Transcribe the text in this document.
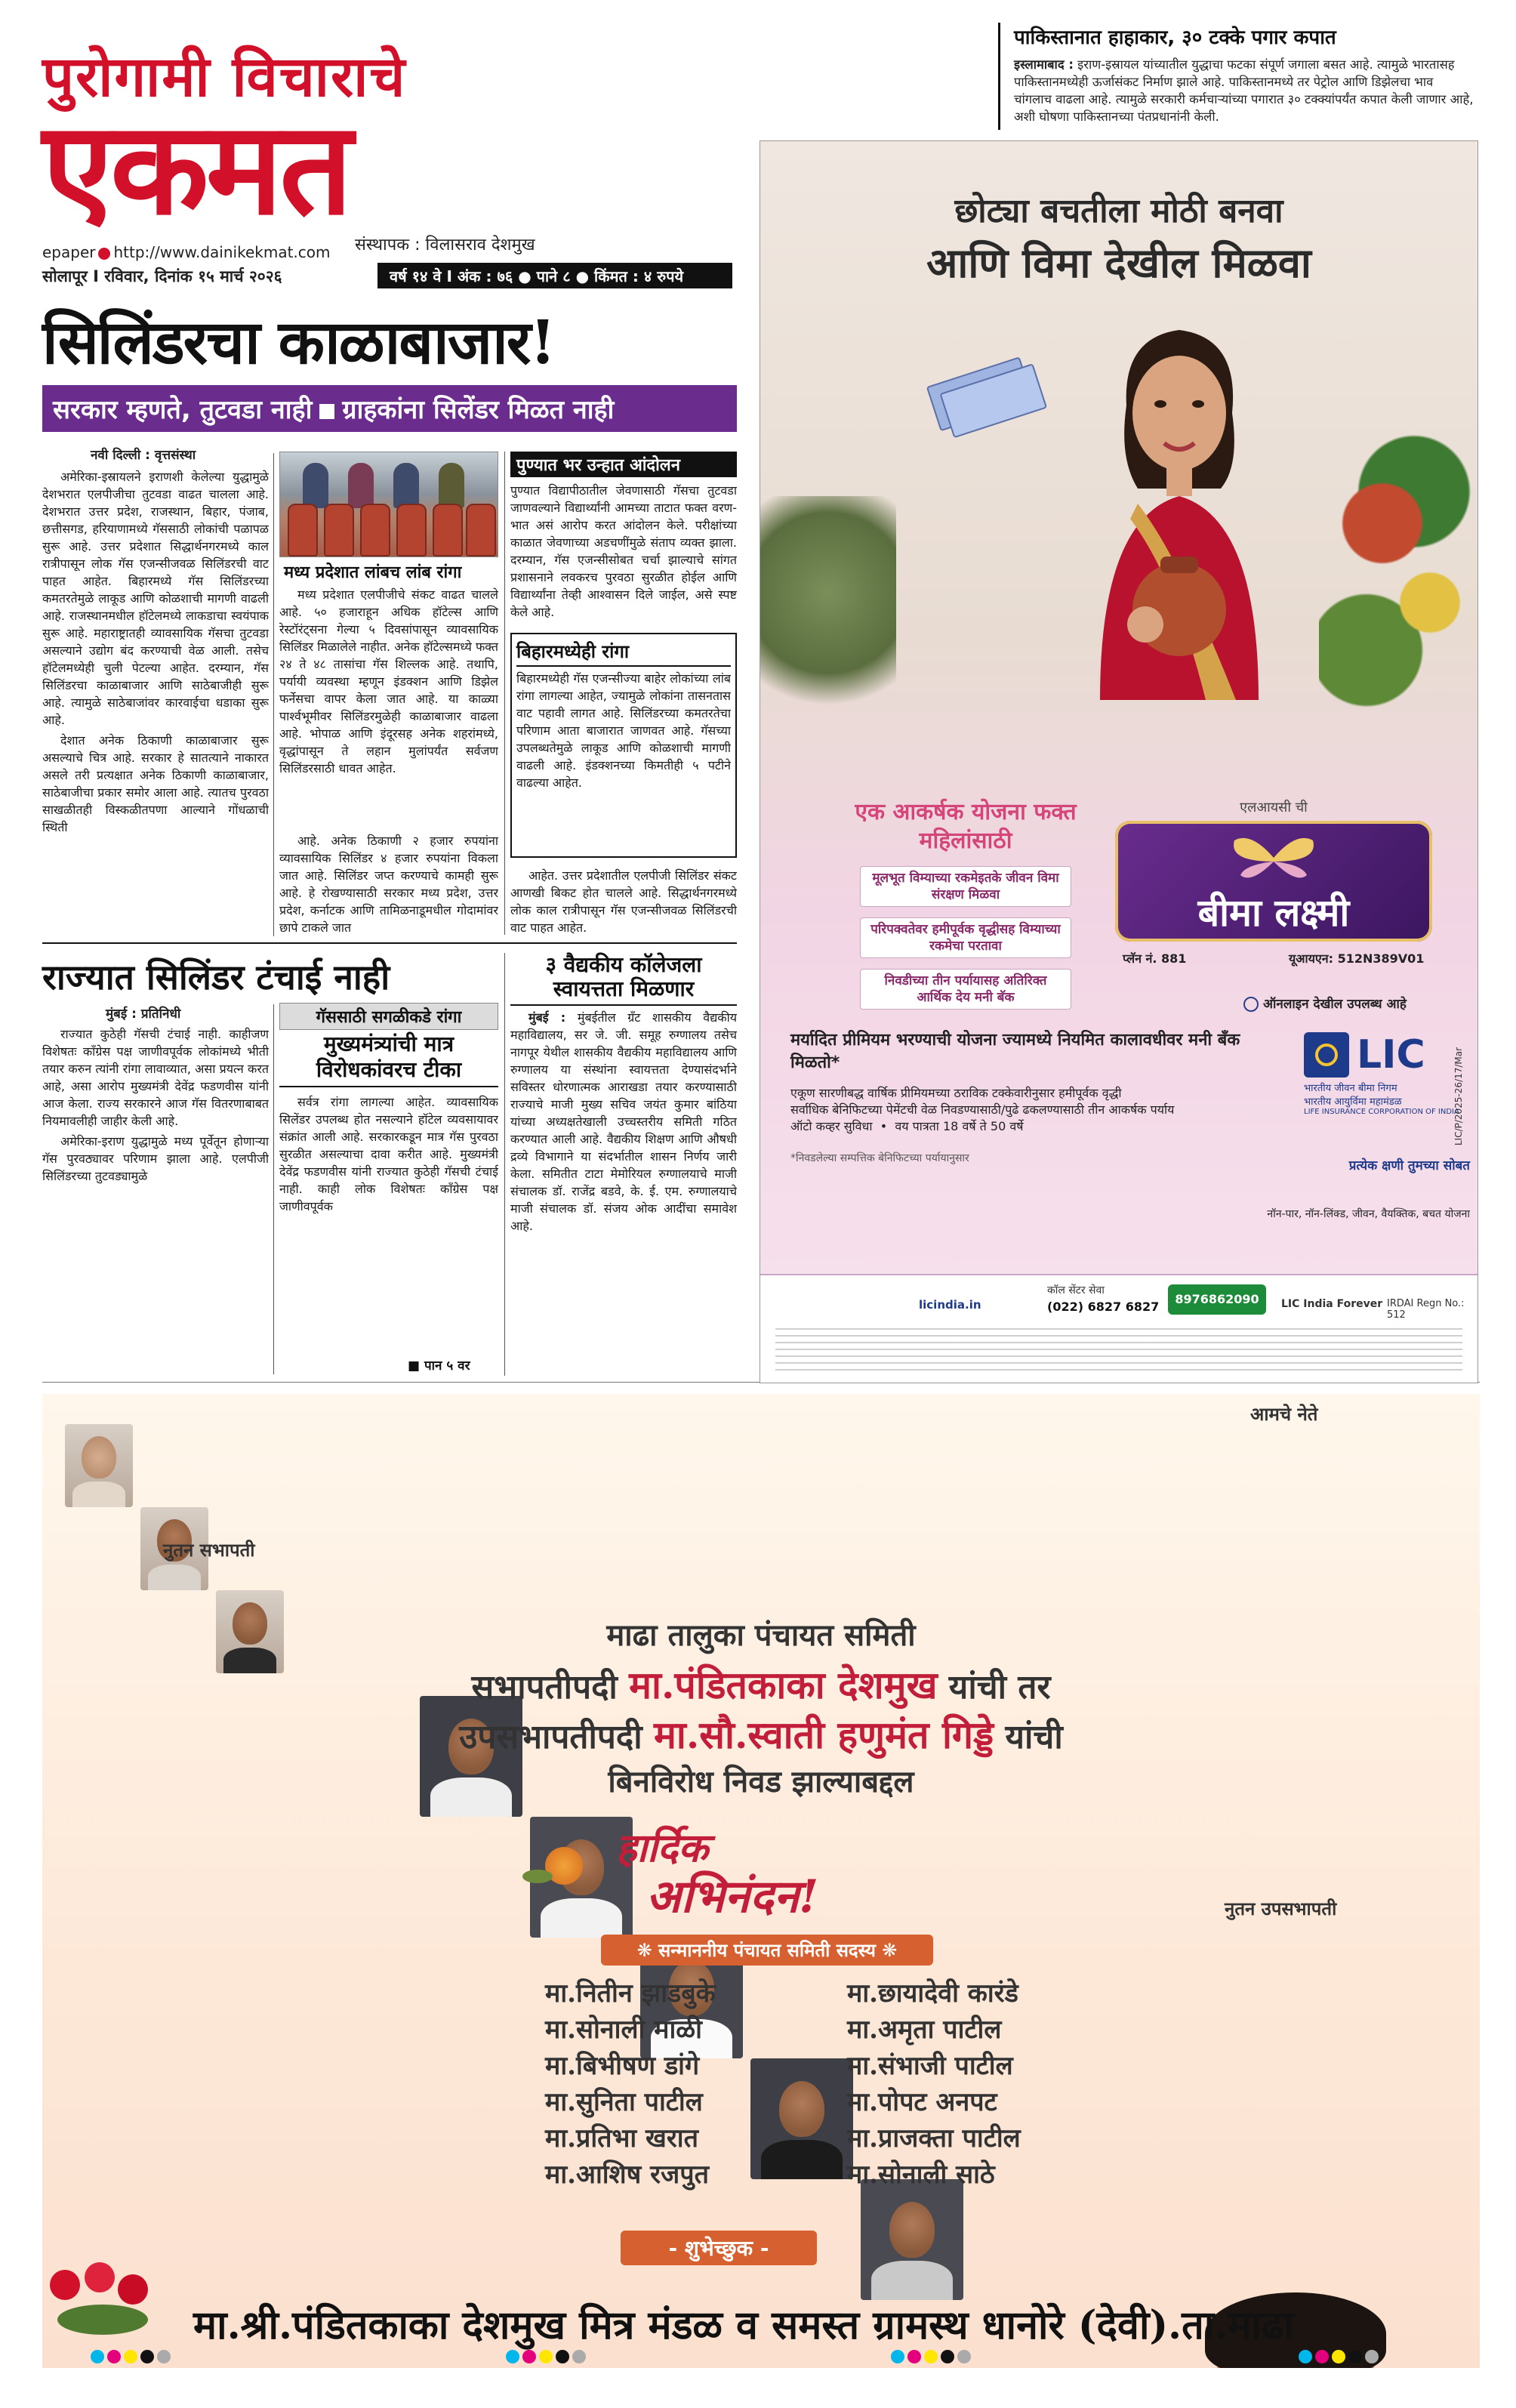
पुरोगामी विचाराचे
एकमत
संस्थापक : विलासराव देशमुख
epaper http://www.dainikekmat.com
सोलापूर I रविवार, दिनांक १५ मार्च २०२६	वर्ष १४ वे I अंक : ७६ ● पाने ८ ● किंमत : ४ रुपये
पाकिस्तानात हाहाकार, ३० टक्के पगार कपात
इस्लामाबाद : इराण-इस्रायल यांच्यातील युद्धाचा फटका संपूर्ण जगाला बसत आहे. त्यामुळे भारतासह पाकिस्तानमध्येही ऊर्जासंकट निर्माण झाले आहे. पाकिस्तानमध्ये तर पेट्रोल आणि डिझेलचा भाव चांगलाच वाढला आहे. त्यामुळे सरकारी कर्मचाऱ्यांच्या पगारात ३० टक्क्यांपर्यंत कपात केली जाणार आहे, अशी घोषणा पाकिस्तानच्या पंतप्रधानांनी केली.
सिलिंडरचा काळाबाजार!
सरकार म्हणते, तुटवडा नाही ग्राहकांना सिलेंडर मिळत नाही
नवी दिल्ली : वृत्तसंस्था

अमेरिका-इस्रायलने इराणशी केलेल्या युद्धामुळे देशभरात एलपीजीचा तुटवडा वाढत चालला आहे. देशभरात उत्तर प्रदेश, राजस्थान, बिहार, पंजाब, छत्तीसगड, हरियाणामध्ये गॅससाठी लोकांची पळापळ सुरू आहे. उत्तर प्रदेशात सिद्धार्थनगरमध्ये काल रात्रीपासून लोक गॅस एजन्सीजवळ सिलिंडरची वाट पाहत आहेत. बिहारमध्ये गॅस सिलिंडरच्या कमतरतेमुळे लाकूड आणि कोळशाची मागणी वाढली आहे. राजस्थानमधील हॉटेलमध्ये लाकडाचा स्वयंपाक सुरू आहे. महाराष्ट्रातही व्यावसायिक गॅसचा तुटवडा असल्याने उद्योग बंद करण्याची वेळ आली. तसेच हॉटेलमध्येही चुली पेटल्या आहेत. दरम्यान, गॅस सिलिंडरचा काळाबाजार आणि साठेबाजीही सुरू आहे. त्यामुळे साठेबाजांवर कारवाईचा धडाका सुरू आहे.

देशात अनेक ठिकाणी काळाबाजार सुरू असल्याचे चित्र आहे. सरकार हे सातत्याने नाकारत असले तरी प्रत्यक्षात अनेक ठिकाणी काळाबाजार, साठेबाजीचा प्रकार समोर आला आहे. त्यातच पुरवठा साखळीतही विस्कळीतपणा आल्याने गोंधळाची स्थिती

मध्य प्रदेशात लांबच लांब रांगा

मध्य प्रदेशात एलपीजीचे संकट वाढत चालले आहे. ५० हजाराहून अधिक हॉटेल्स आणि रेस्टॉरंट्सना गेल्या ५ दिवसांपासून व्यावसायिक सिलिंडर मिळालेले नाहीत. अनेक हॉटेल्समध्ये फक्त २४ ते ४८ तासांचा गॅस शिल्लक आहे. तथापि, पर्यायी व्यवस्था म्हणून इंडक्शन आणि डिझेल फर्नेसचा वापर केला जात आहे. या काळ्या पार्श्वभूमीवर सिलिंडरमुळेही काळाबाजार वाढला आहे. भोपाळ आणि इंदूरसह अनेक शहरांमध्ये, वृद्धांपासून ते लहान मुलांपर्यंत सर्वजण सिलिंडरसाठी धावत आहेत.

पुण्यात भर उन्हात आंदोलन
पुण्यात विद्यापीठातील जेवणासाठी गॅसचा तुटवडा जाणवल्याने विद्यार्थ्यांनी आमच्या ताटात फक्त वरण-भात असं आरोप करत आंदोलन केले. परीक्षांच्या काळात जेवणाच्या अडचणींमुळे संताप व्यक्त झाला. दरम्यान, गॅस एजन्सीसोबत चर्चा झाल्याचे सांगत प्रशासनाने लवकरच पुरवठा सुरळीत होईल आणि विद्यार्थ्यांना तेव्ही आश्वासन दिले जाईल, असे स्पष्ट केले आहे.
बिहारमध्येही रांगा
बिहारमध्येही गॅस एजन्सीज्या बाहेर लोकांच्या लांब रांगा लागल्या आहेत, ज्यामुळे लोकांना तासनतास वाट पहावी लागत आहे. सिलिंडरच्या कमतरतेचा परिणाम आता बाजारात जाणवत आहे. गॅसच्या उपलब्धतेमुळे लाकूड आणि कोळशाची मागणी वाढली आहे. इंडक्शनच्या किमतीही ५ पटीने वाढल्या आहेत.

आहे. अनेक ठिकाणी २ हजार रुपयांना व्यावसायिक सिलिंडर ४ हजार रुपयांना विकला जात आहे. सिलिंडर जप्त करण्याचे कामही सुरू आहे. हे रोखण्यासाठी सरकार मध्य प्रदेश, उत्तर प्रदेश, कर्नाटक आणि तामिळनाडूमधील गोदामांवर छापे टाकले जात

आहेत. उत्तर प्रदेशातील एलपीजी सिलिंडर संकट आणखी बिकट होत चालले आहे. सिद्धार्थनगरमध्ये लोक काल रात्रीपासून गॅस एजन्सीजवळ सिलिंडरची वाट पाहत आहेत.

राज्यात सिलिंडर टंचाई नाही
मुंबई : प्रतिनिधी

राज्यात कुठेही गॅसची टंचाई नाही. काहीजण विशेषतः काँग्रेस पक्ष जाणीवपूर्वक लोकांमध्ये भीती तयार करुन त्यांनी रांगा लावाव्यात, असा प्रयत्न करत आहे, असा आरोप मुख्यमंत्री देवेंद्र फडणवीस यांनी आज केला. राज्य सरकारने आज गॅस वितरणाबाबत नियमावलीही जाहीर केली आहे.

अमेरिका-इराण युद्धामुळे मध्य पूर्वेतून होणाऱ्या गॅस पुरवठ्यावर परिणाम झाला आहे. एलपीजी सिलिंडरच्या तुटवड्यामुळे

गॅससाठी सगळीकडे रांगा
मुख्यमंत्र्यांची मात्र विरोधकांवरच टीका

सर्वत्र रांगा लागल्या आहेत. व्यावसायिक सिलेंडर उपलब्ध होत नसल्याने हॉटेल व्यवसायावर संक्रांत आली आहे. सरकारकडून मात्र गॅस पुरवठा सुरळीत असल्याचा दावा करीत आहे. मुख्यमंत्री देवेंद्र फडणवीस यांनी राज्यात कुठेही गॅसची टंचाई नाही. काही लोक विशेषतः काँग्रेस पक्ष जाणीवपूर्वक

■ पान ५ वर
३ वैद्यकीय कॉलेजला स्वायत्तता मिळणार

मुंबई : मुंबईतील ग्रँट शासकीय वैद्यकीय महाविद्यालय, सर जे. जी. समूह रुग्णालय तसेच नागपूर येथील शासकीय वैद्यकीय महाविद्यालय आणि रुग्णालय या संस्थांना स्वायत्तता देण्यासंदर्भाने सविस्तर धोरणात्मक आराखडा तयार करण्यासाठी राज्याचे माजी मुख्य सचिव जयंत कुमार बांठिया यांच्या अध्यक्षतेखाली उच्चस्तरीय समिती गठित करण्यात आली आहे. वैद्यकीय शिक्षण आणि औषधी द्रव्ये विभागाने या संदर्भातील शासन निर्णय जारी केला. समितीत टाटा मेमोरियल रुग्णालयाचे माजी संचालक डॉ. राजेंद्र बडवे, के. ई. एम. रुग्णालयाचे माजी संचालक डॉ. संजय ओक आदींचा समावेश आहे.

छोट्या बचतीला मोठी बनवा
आणि विमा देखील मिळवा
एक आकर्षक योजना फक्त महिलांसाठी
मूलभूत विम्याच्या रकमेइतके जीवन विमा संरक्षण मिळवा
परिपक्वतेवर हमीपूर्वक वृद्धीसह विम्याच्या रकमेचा परतावा
निवडीच्या तीन पर्यायासह अतिरिक्त आर्थिक देय मनी बॅक
एलआयसी ची
बीमा लक्ष्मी
प्लॅन नं. 881	यूआयएन: 512N389V01
ऑनलाइन देखील उपलब्ध आहे
मर्यादित प्रीमियम भरण्याची योजना ज्यामध्ये नियमित कालावधीवर मनी बँक मिळतो*
एकूण सारणीबद्ध वार्षिक प्रीमियमच्या ठराविक टक्केवारीनुसार हमीपूर्वक वृद्धी
सर्वाधिक बेनिफिटच्या पेमेंटची वेळ निवडण्यासाठी/पुढे ढकलण्यासाठी तीन आकर्षक पर्याय
ऑटो कव्हर सुविधा  •  वय पात्रता 18 वर्षे ते 50 वर्षे
*निवडलेल्या सम्पत्तिक बेनिफिटच्या पर्यायानुसार
LIC
भारतीय जीवन बीमा निगम
भारतीय आयुर्विमा महामंडळ
LIFE INSURANCE CORPORATION OF INDIA
प्रत्येक क्षणी तुमच्या सोबत
नॉन-पार, नॉन-लिंक्ड, जीवन, वैयक्तिक, बचत योजना
कॉल सेंटर सेवा
(022) 6827 6827
8976862090
licindia.in	LIC India Forever IRDAI Regn No.: 512
LIC/P/2025-26/17/Mar
आमचे नेते
नुतन सभापती
नुतन उपसभापती
माढा तालुका पंचायत समिती
सभापतीपदी मा.पंडितकाका देशमुख यांची तर
उपसभापतीपदी मा.सौ.स्वाती हणुमंत गिड्डे यांची
बिनविरोध निवड झाल्याबद्दल
हार्दिक
अभिनंदन!
❋ सन्माननीय पंचायत समिती सदस्य ❋
मा.नितीन झाडबुके
मा.सोनाली माळी
मा.बिभीषण डांगे
मा.सुनिता पाटील
मा.प्रतिभा खरात
मा.आशिष रजपुत
मा.छायादेवी कारंडे
मा.अमृता पाटील
मा.संभाजी पाटील
मा.पोपट अनपट
मा.प्राजक्ता पाटील
मा.सोनाली साठे
- शुभेच्छुक -
मा.श्री.पंडितकाका देशमुख मित्र मंडळ व समस्त ग्रामस्थ धानोरे (देवी).ता.माढा
